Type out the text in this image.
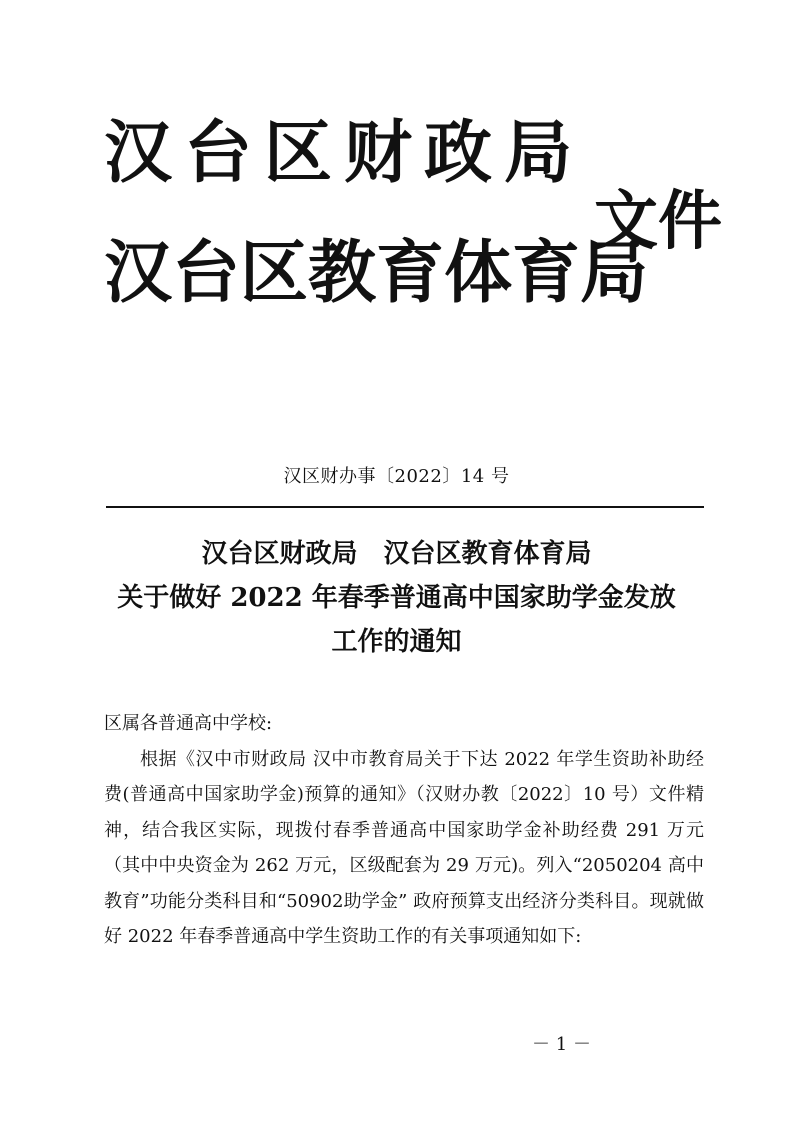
汉台区财政局
汉台区教育体育局
文件
汉区财办事〔2022〕14 号
汉台区财政局　汉台区教育体育局
关于做好 2022 年春季普通高中国家助学金发放
工作的通知
区属各普通高中学校:
根据《汉中市财政局 汉中市教育局关于下达 2022 年学生资助补助经费(普通高中国家助学金)预算的通知》（汉财办教〔2022〕10 号）文件精神，结合我区实际，现拨付春季普通高中国家助学金补助经费 291 万元（其中中央资金为 262 万元，区级配套为 29 万元)。列入“2050204 高中教育”功能分类科目和“50902助学金” 政府预算支出经济分类科目。现就做好 2022 年春季普通高中学生资助工作的有关事项通知如下:
－ 1 －
